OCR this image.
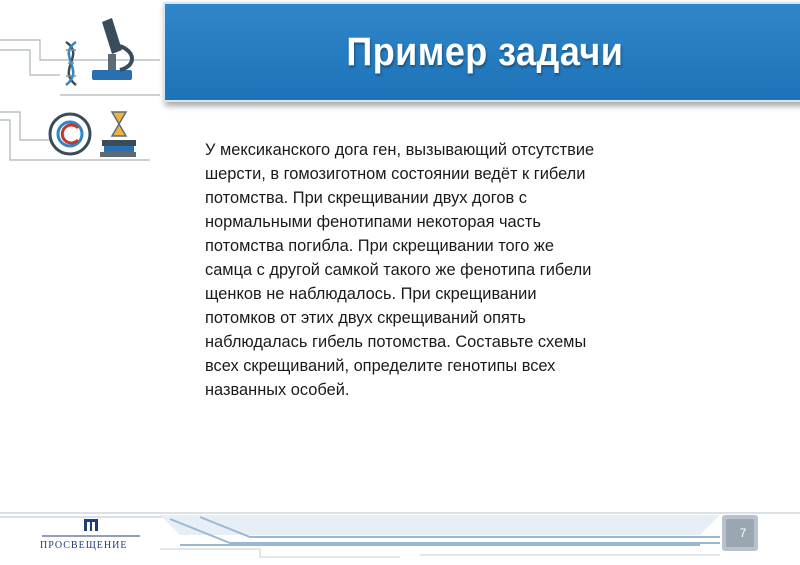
Пример задачи
У мексиканского дога ген, вызывающий отсутствие шерсти, в гомозиготном состоянии ведёт к гибели потомства. При скрещивании двух догов с нормальными фенотипами некоторая часть потомства погибла. При скрещивании того же самца с другой самкой такого же фенотипа гибели щенков не наблюдалось. При скрещивании потомков от этих двух скрещиваний опять наблюдалась гибель потомства. Составьте схемы всех скрещиваний, определите генотипы всех названных особей.
ПРОСВЕЩЕНИЕ
7
